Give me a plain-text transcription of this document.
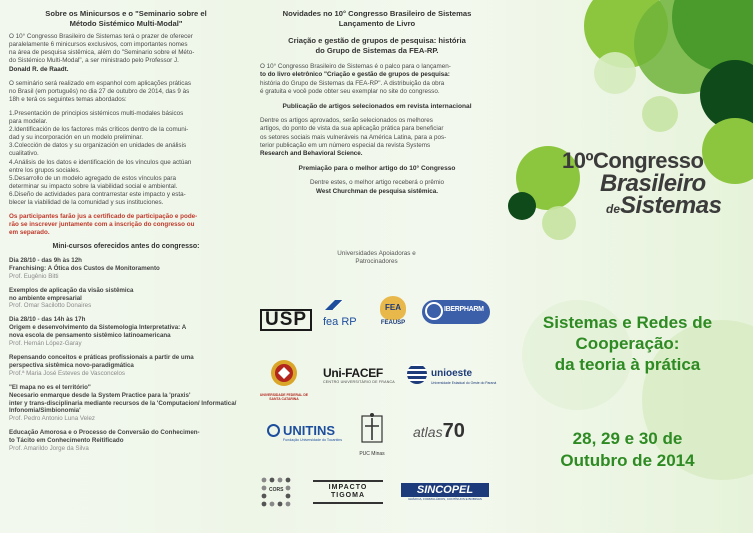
Sobre os Minicursos e o "Seminario sobre el
Método Sistémico Multi-Modal"
O 10° Congresso Brasileiro de Sistemas terá o prazer de oferecer
paralelamente 6 minicursos exclusivos, com importantes nomes
na área de pesquisa sistêmica, além do "Seminario sobre el Méto-
do Sistémico Multi-Modal", a ser ministrado pelo Professor J.
Donald R. de Raadt.
O seminário será realizado em espanhol com aplicações práticas
no Brasil (em português) no dia 27 de outubro de 2014, das 9 às
18h e terá os seguintes temas abordados:
1.Presentación de principios sistémicos multi-modales básicos
para modelar.
2.Identificación de los factores más críticos dentro de la comuni-
dad y su incorporación en un modelo preliminar.
3.Colección de datos y su organización en unidades de análisis
cualitativo.
4.Análisis de los datos e identificación de los vínculos que actúan
entre los grupos sociales.
5.Desarrollo de un modelo agregado de estos vínculos para
determinar su impacto sobre la viabilidad social e ambiental.
6.Diseño de actividades para contrarrestar este impacto y esta-
blecer la viabilidad de la comunidad y sus instituciones.
Os participantes farão jus a certificado de participação e pode-
rão se inscrever juntamente com a inscrição do congresso ou
em separado.
Mini-cursos oferecidos antes do congresso:
Dia 28/10 - das 9h às 12h
Franchising: A Ótica dos Custos de Monitoramento
Prof. Eugênio Bitti
Exemplos de aplicação da visão sistêmica
no ambiente empresarial
Prof. Omar Sacilotto Donaires
Dia 28/10 - das 14h às 17h
Origem e desenvolvimento da Sistemologia Interpretativa: A
nova escola de pensamento sistêmico latinoamericana
Prof. Hernán López-Garay
Repensando conceitos e práticas profissionais a partir de uma
perspectiva sistêmica novo-paradigmática
Prof.ª Maria José Esteves de Vasconcelos
"El mapa no es el território"
Necesario enmarque desde la System Practice para la 'praxis'
inter y trans-disciplinaria mediante recursos de la 'Computacion/ Informatica/ Infonomia/Simbionomia'
Prof. Pedro Antonio Luna Velez
Educação Amorosa e o Processo de Conversão do Conhecimen-
to Tácito em Conhecimento Reitificado
Prof. Amarildo Jorge da Silva
Novidades no 10° Congresso Brasileiro de Sistemas
Lançamento de Livro
Criação e gestão de grupos de pesquisa: história
do Grupo de Sistemas da FEA-RP.
O 10° Congresso Brasileiro de Sistemas é o palco para o lançamen-
to do livro eletrônico "Criação e gestão de grupos de pesquisa:
história do Grupo de Sistemas da FEA-RP". A distribuição da obra
é gratuita e você pode obter seu exemplar no site do congresso.
Publicação de artigos selecionados em revista internacional
Dentre os artigos aprovados, serão selecionados os melhores
artigos, do ponto de vista da sua aplicação prática para beneficiar
os setores sociais mais vulneráveis na América Latina, para a pos-
terior publicação em um número especial da revista Systems
Research and Behavioral Science.
Premiação para o melhor artigo do 10° Congresso
Dentre estes, o melhor artigo receberá o prêmio
West Churchman de pesquisa sistêmica.
Universidades Apoiadoras e
Patrocinadores
USP	fea RP
FEA
FEAUSP
IBERPHARM
UNIVERSIDADE FEDERAL DE SANTA CATARINA
Uni-FACEF
CENTRO UNIVERSITÁRIO DE FRANCA
unioeste
Universidade Estadual do Oeste do Paraná
UNITINS
Fundação Universidade do Tocantins
PUC Minas
atlas70
CORS	IMPACTO TIGOMA	SINCOPEL
GRÁFICA, FORMULÁRIOS, CONTÍNUOS E BOBINAS
10ºCongresso
Brasileiro
deSistemas
Sistemas e Redes de
Cooperação:
da teoria à prática
28, 29 e 30 de
Outubro de 2014
